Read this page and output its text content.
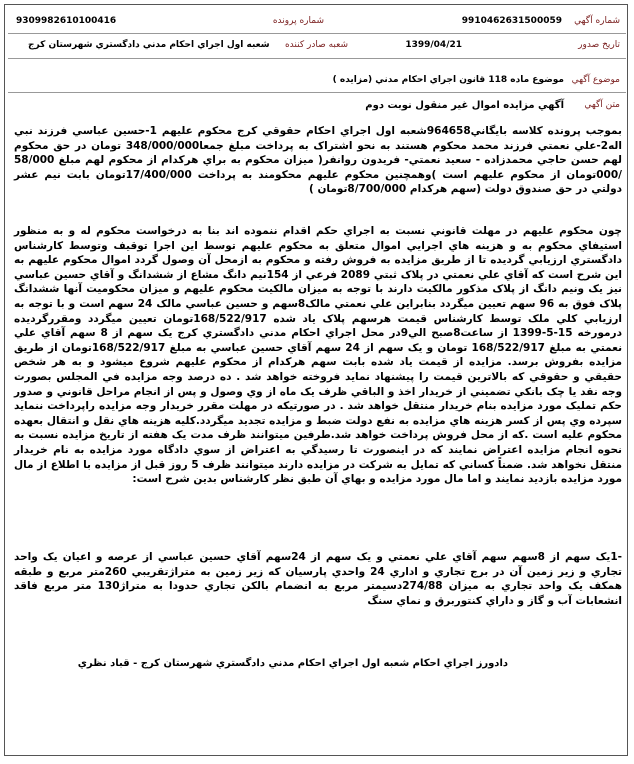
شماره آگهي
9910462631500059
شماره پرونده
9309982610100416
تاريخ صدور
1399/04/21
شعبه صادر کننده
شعبه اول اجراي احکام مدني دادگستري شهرستان کرج
موضوع آگهي
موضوع ماده 118 قانون اجراي احکام مدني (مزايده )
متن آگهي
آگهي مزايده اموال غير منقول نوبت دوم

بموجب پرونده کلاسه بايگاني964658شعبه اول اجراي احکام حقوقي کرج محکوم عليهم 1-حسين عباسي فرزند نبي اله2-علي نعمتي فرزند محمد محکوم هستند به نحو اشتراک به پرداخت مبلغ جمعا348/000/000 تومان در حق محکوم لهم حسن حاجي محمدزاده - سعيد نعمتي- فريدون روانفر( ميزان محکوم به براي هرکدام از محکوم لهم مبلغ 58/000 /000تومان از محکوم عليهم است )وهمچنين محکوم عليهم محکومند به پرداخت 17/400/000تومان بابت نيم عشر دولتي در حق صندوق دولت (سهم هرکدام 8/700/000تومان )

چون محکوم عليهم در مهلت قانوني نسبت به اجراي حکم اقدام ننموده اند بنا به درخواست محکوم له و به منظور استيفاي محکوم به و هزينه هاي اجرايي اموال متعلق به محکوم عليهم توسط اين اجرا توقيف وتوسط کارشناس دادگستري ارزيابي گرديده تا از طريق مزايده به فروش رفته و محکوم به ازمحل آن وصول گردد اموال محکوم عليهم به اين شرح است که آقاي علي نعمتي در پلاک ثبتي 2089 فرعي از 154نيم دانگ مشاع از ششدانگ و آقاي حسين عباسي نيز يک ونيم دانگ از پلاک مذکور مالکيت دارند با توجه به ميزان مالکيت محکوم عليهم و ميزان محکوميت آنها ششدانگ پلاک فوق به 96 سهم تعيين ميگردد بنابراين علي نعمتي مالک8سهم و حسين عباسي مالک 24 سهم است و با توجه به ارزيابي کلي ملک توسط کارشناس قيمت هرسهم پلاک ياد شده 168/522/917تومان تعيين ميگردد ومقررگرديده درمورخه 15-5-1399 از ساعت8صبح الي9در محل اجراي احکام مدني دادگستري کرج يک سهم از 8 سهم آقاي علي نعمتي به مبلغ 168/522/917 تومان و يک سهم از 24 سهم آقاي حسين عباسي به مبلغ 168/522/917تومان از طريق مزايده بفروش برسد. مزايده از قيمت ياد شده بابت سهم هرکدام از محکوم عليهم شروع ميشود و به هر شخص حقيقي و حقوقي که بالاترين قيمت را پيشنهاد نمايد فروخته خواهد شد . ده درصد وجه مزايده في المجلس بصورت وجه نقد يا چک بانکي تضميني از خريدار اخذ و الباقي ظرف يک ماه از وي وصول و پس از انجام مراحل قانوني و صدور حکم تمليک مورد مزايده بنام خريدار منتقل خواهد شد . در صورتيکه در مهلت مقرر خريدار وجه مزايده راپرداخت ننمايد سپرده وي پس از کسر هزينه هاي مزايده به نفع دولت ضبط و مزايده تجديد ميگردد.کليه هزينه هاي نقل و انتقال بعهده محکوم عليه است .که از محل فروش پرداخت خواهد شد.طرفين ميتوانند ظرف مدت يک هفته از تاريخ مزايده نسبت به نحوه انجام مزايده اعتراض نمايند که در اينصورت تا رسيدگي به اعتراض از سوي دادگاه مورد مزايده به نام خريدار منتقل نخواهد شد. ضمناً کساني که تمايل به شرکت در مزايده دارند ميتوانند ظرف 5 روز قبل از مزايده با اطلاع از مال مورد مزايده بازديد نمايند و اما مال مورد مزايده و بهاي آن طبق نظر کارشناس بدين شرح است:

-1يک سهم از 8سهم سهم آقاي علي نعمتي و يک سهم از 24سهم آقاي حسين عباسي از عرصه و اعيان يک واحد تجاري و زير زمين آن در برج تجاري و اداري 24 واحدي پارسيان که زير زمين به متراژتقريبي 260متر مربع و طبقه همکف يک واحد تجاري به ميزان 274/88دسيمتر مربع به انضمام بالکن تجاري حدودا به متراژ130 متر مربع فاقد انشعابات آب و گاز و داراي کنتوربرق و نماي سنگ

دادورز اجراي احکام شعبه اول اجراي احکام مدني دادگستري شهرستان کرج - قباد نظري
